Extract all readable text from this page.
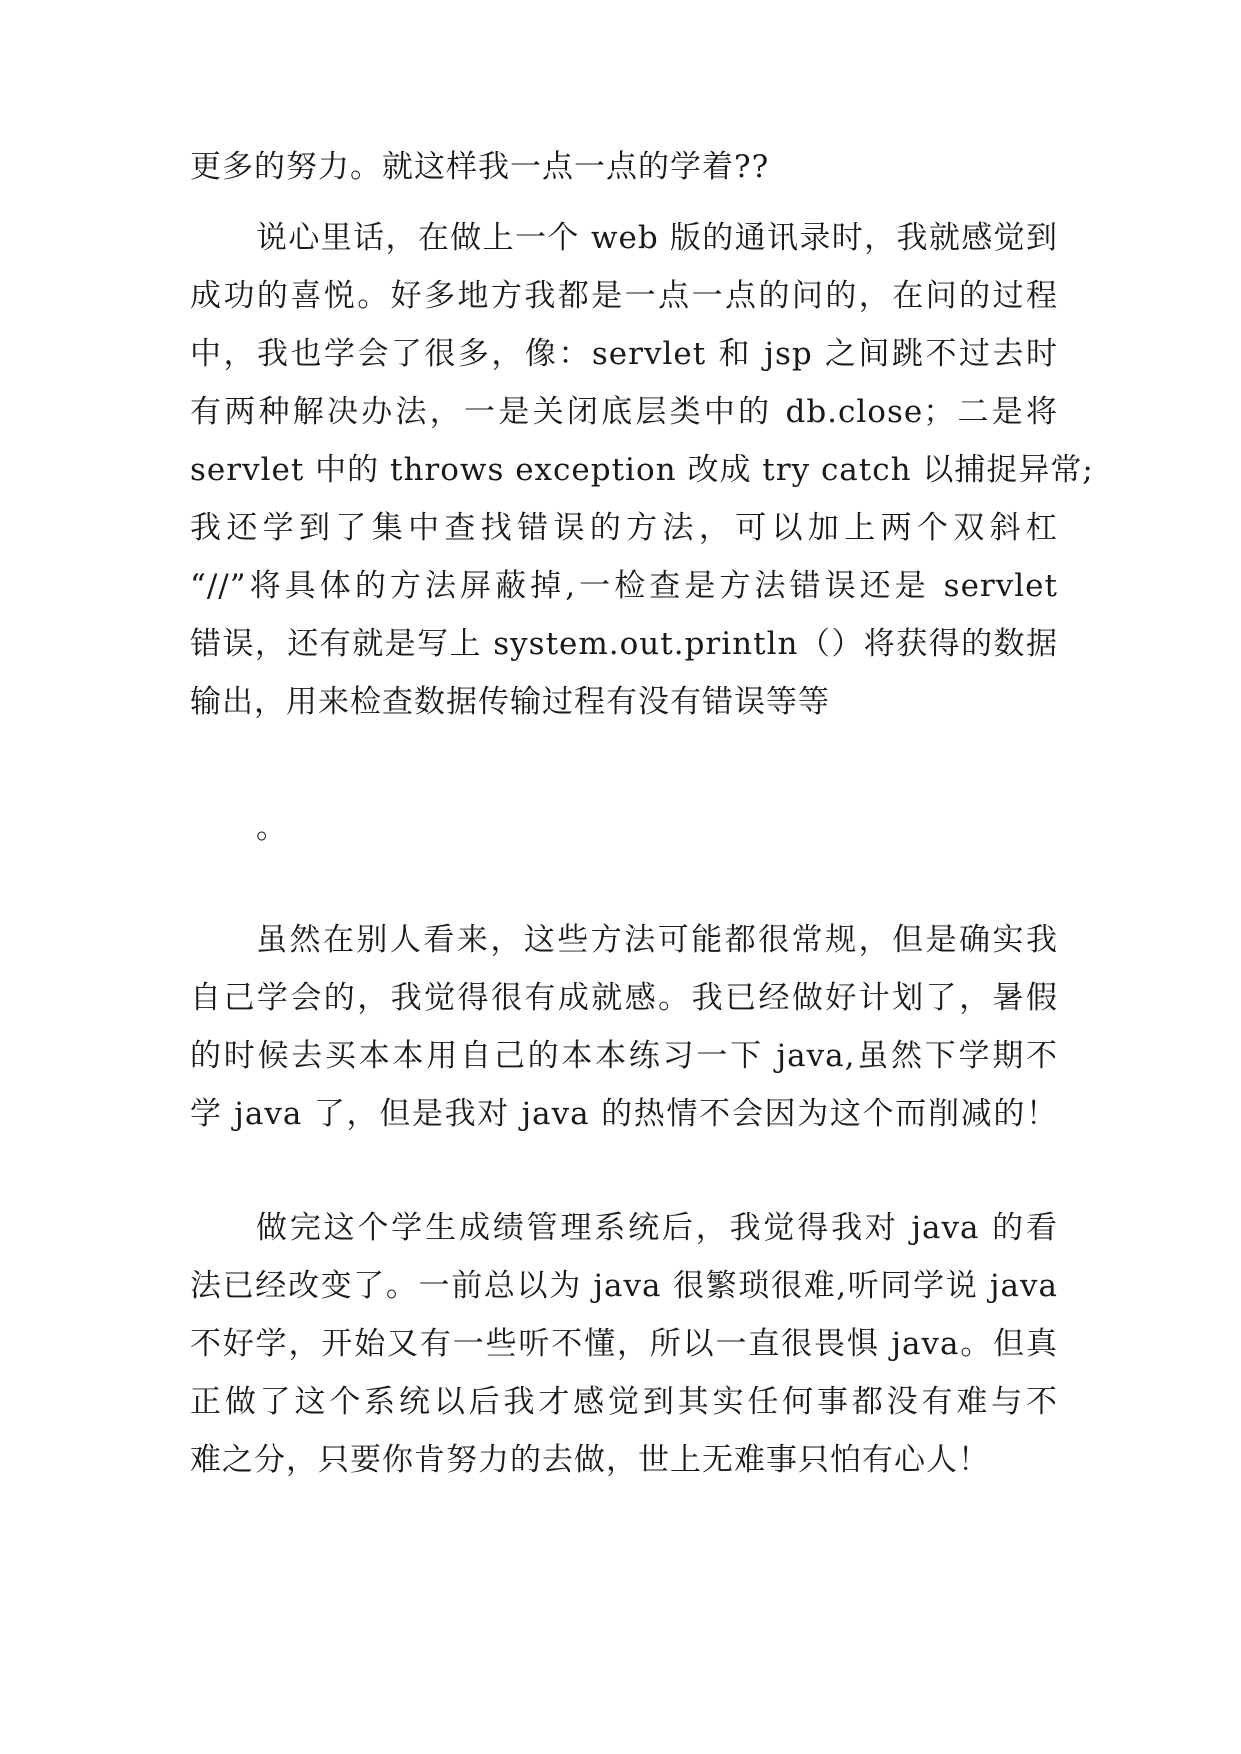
更多的努力。就这样我一点一点的学着??
说心里话，在做上一个 web 版的通讯录时，我就感觉到
成功的喜悦。好多地方我都是一点一点的问的，在问的过程
中，我也学会了很多，像：servlet 和 jsp 之间跳不过去时
有两种解决办法，一是关闭底层类中的 db.close；二是将
servlet 中的 throws exception 改成 try catch 以捕捉异常;
我还学到了集中查找错误的方法，可以加上两个双斜杠
“//”将具体的方法屏蔽掉,一检查是方法错误还是 servlet
错误，还有就是写上 system.out.println（）将获得的数据
输出，用来检查数据传输过程有没有错误等等
。
虽然在别人看来，这些方法可能都很常规，但是确实我
自己学会的，我觉得很有成就感。我已经做好计划了，暑假
的时候去买本本用自己的本本练习一下 java,虽然下学期不
学 java 了，但是我对 java 的热情不会因为这个而削减的！
做完这个学生成绩管理系统后，我觉得我对 java 的看
法已经改变了。一前总以为 java 很繁琐很难,听同学说 java
不好学，开始又有一些听不懂，所以一直很畏惧 java。但真
正做了这个系统以后我才感觉到其实任何事都没有难与不
难之分，只要你肯努力的去做，世上无难事只怕有心人！
